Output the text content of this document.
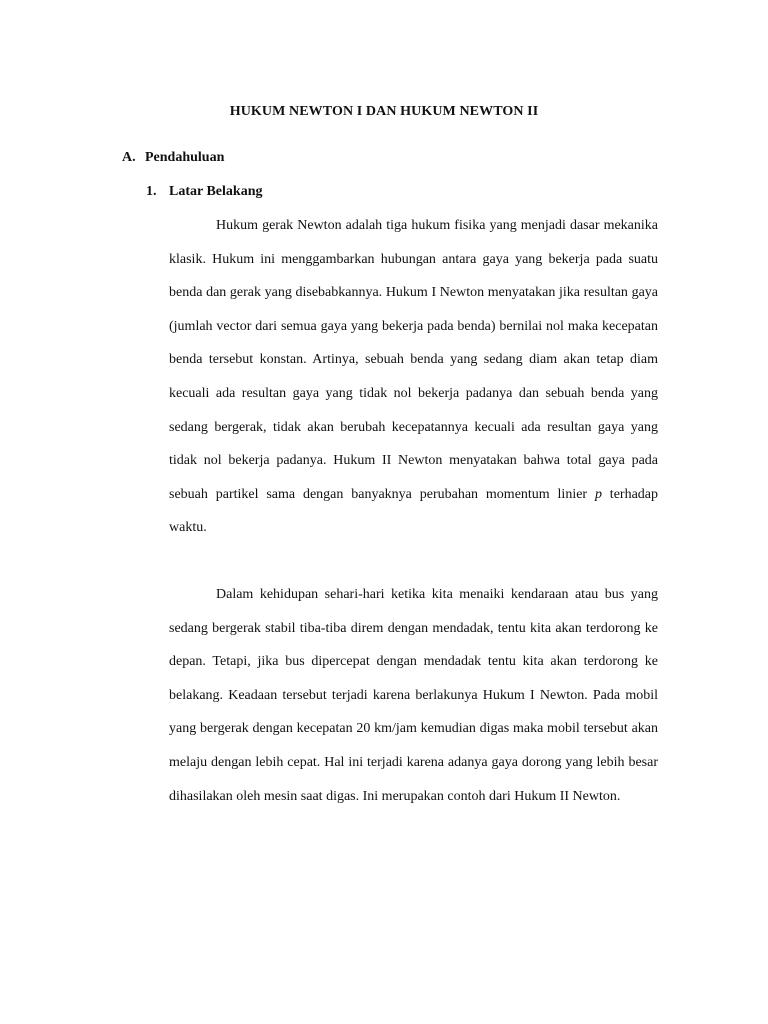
HUKUM NEWTON I DAN HUKUM NEWTON II
A. Pendahuluan
1. Latar Belakang

Hukum gerak Newton adalah tiga hukum fisika yang menjadi dasar mekanika klasik. Hukum ini menggambarkan hubungan antara gaya yang bekerja pada suatu benda dan gerak yang disebabkannya. Hukum I Newton menyatakan jika resultan gaya (jumlah vector dari semua gaya yang bekerja pada benda) bernilai nol maka kecepatan benda tersebut konstan. Artinya, sebuah benda yang sedang diam akan tetap diam kecuali ada resultan gaya yang tidak nol bekerja padanya dan sebuah benda yang sedang bergerak, tidak akan berubah kecepatannya kecuali ada resultan gaya yang tidak nol bekerja padanya. Hukum II Newton menyatakan bahwa total gaya pada sebuah partikel sama dengan banyaknya perubahan momentum linier p terhadap waktu.

Dalam kehidupan sehari-hari ketika kita menaiki kendaraan atau bus yang sedang bergerak stabil tiba-tiba direm dengan mendadak, tentu kita akan terdorong ke depan. Tetapi, jika bus dipercepat dengan mendadak tentu kita akan terdorong ke belakang. Keadaan tersebut terjadi karena berlakunya Hukum I Newton. Pada mobil yang bergerak dengan kecepatan 20 km/jam kemudian digas maka mobil tersebut akan melaju dengan lebih cepat. Hal ini terjadi karena adanya gaya dorong yang lebih besar dihasilakan oleh mesin saat digas. Ini merupakan contoh dari Hukum II Newton.
